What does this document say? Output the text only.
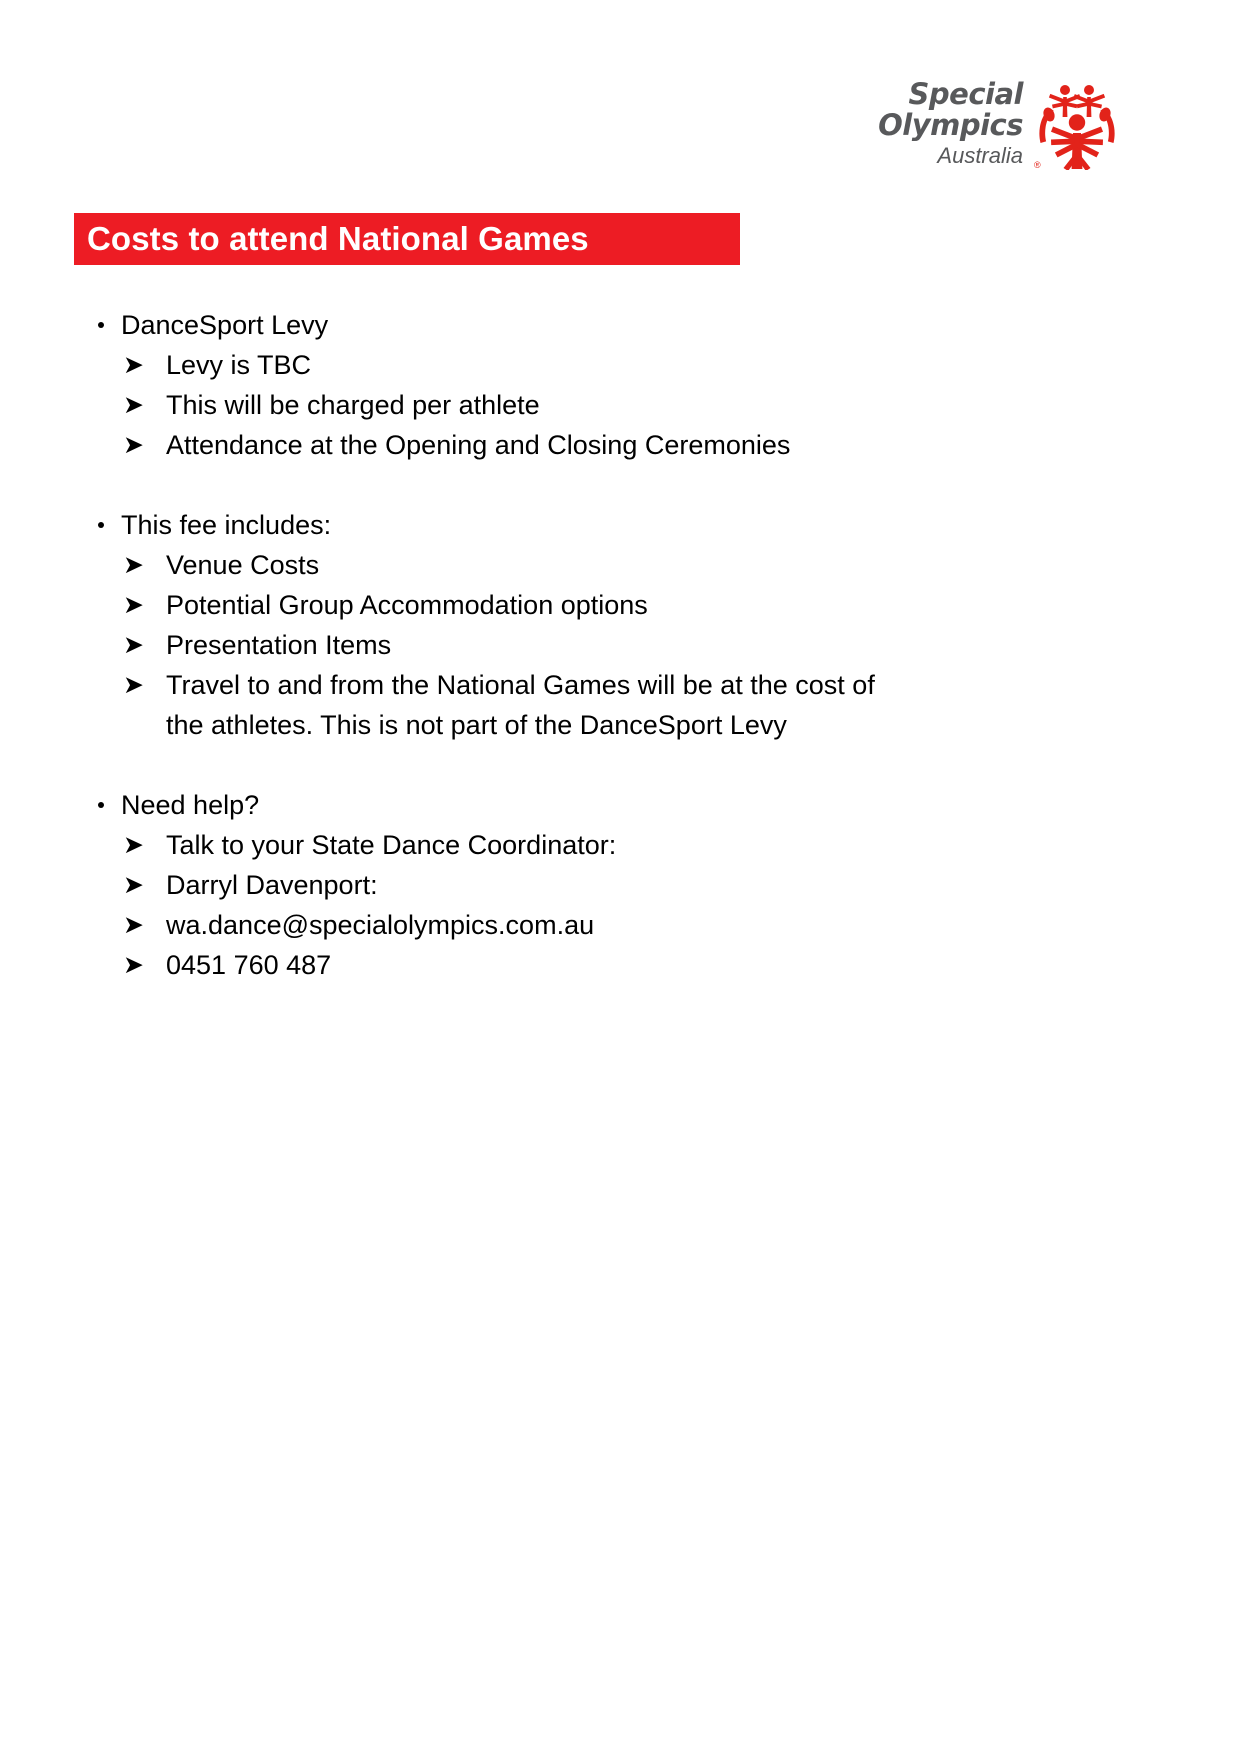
Special
Olympics
Australia ®
Costs to attend National Games
DanceSport Levy
➤ Levy is TBC
➤ This will be charged per athlete
➤ Attendance at the Opening and Closing Ceremonies
This fee includes:
➤ Venue Costs
➤ Potential Group Accommodation options
➤ Presentation Items
➤ Travel to and from the National Games will be at the cost of the athletes. This is not part of the DanceSport Levy
Need help?
➤ Talk to your State Dance Coordinator:
➤ Darryl Davenport:
➤ wa.dance@specialolympics.com.au
➤ 0451 760 487
